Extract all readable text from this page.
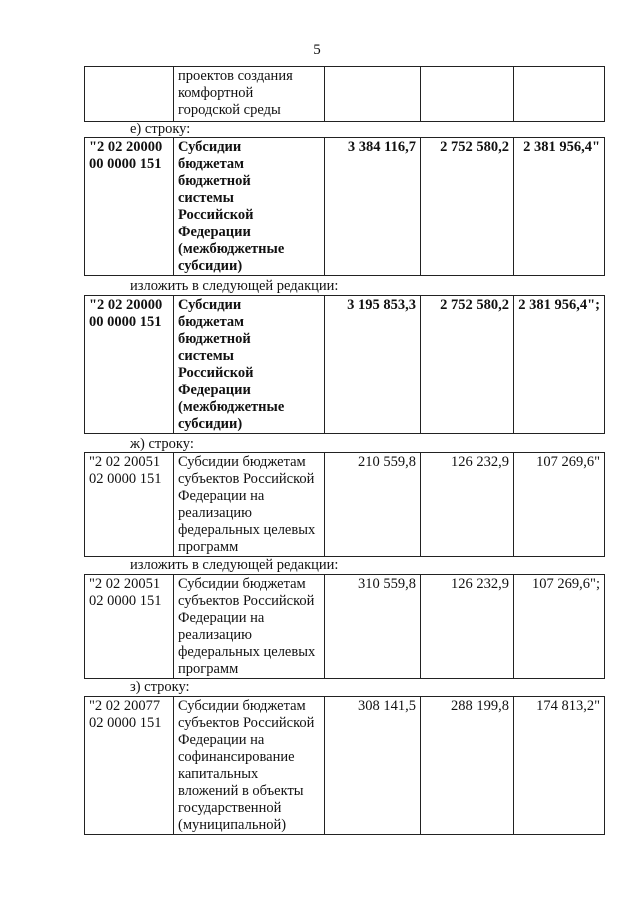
5
	проектов создания
комфортной
городской среды			
е) строку:
"2 02 20000
00 0000 151	Субсидии
бюджетам
бюджетной
системы
Российской
Федерации
(межбюджетные
субсидии)	3 384 116,7	2 752 580,2	2 381 956,4"
изложить в следующей редакции:
"2 02 20000
00 0000 151	Субсидии
бюджетам
бюджетной
системы
Российской
Федерации
(межбюджетные
субсидии)	3 195 853,3	2 752 580,2	2 381 956,4";
ж) строку:
"2 02 20051
02 0000 151	Субсидии бюджетам
субъектов Российской
Федерации на
реализацию
федеральных целевых
программ	210 559,8	126 232,9	107 269,6"
изложить в следующей редакции:
"2 02 20051
02 0000 151	Субсидии бюджетам
субъектов Российской
Федерации на
реализацию
федеральных целевых
программ	310 559,8	126 232,9	107 269,6";
з) строку:
"2 02 20077
02 0000 151	Субсидии бюджетам
субъектов Российской
Федерации на
софинансирование
капитальных
вложений в объекты
государственной
(муниципальной)	308 141,5	288 199,8	174 813,2"
